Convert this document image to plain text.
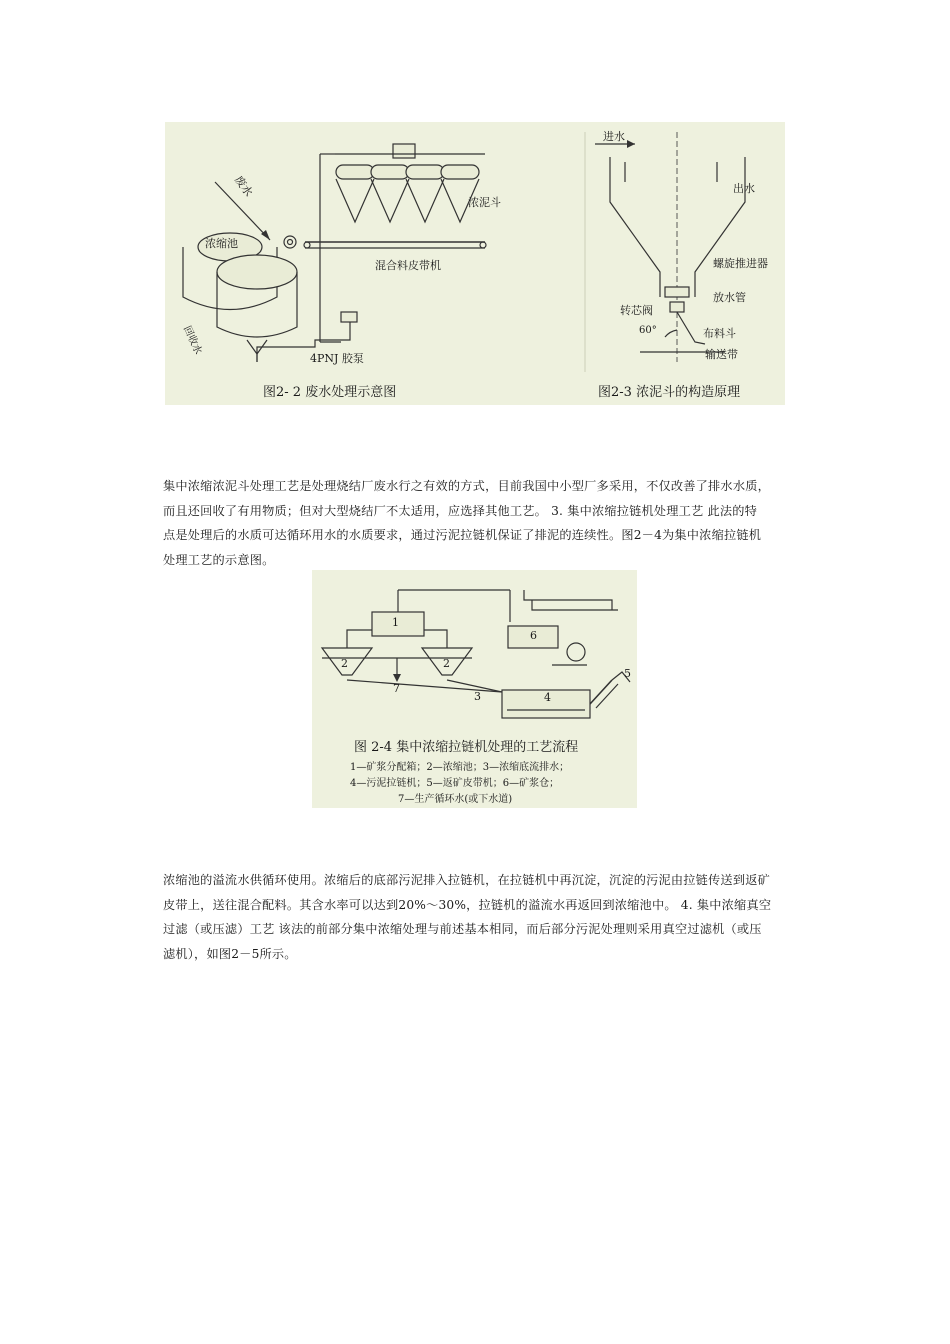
废水
浓缩池
浓泥斗
混合料皮带机
回收水
4PNJ 胶泵
进水
出水
螺旋推进器
放水管
转芯阀
布料斗
输送带
60°
图2- 2 废水处理示意图	图2-3 浓泥斗的构造原理
集中浓缩浓泥斗处理工艺是处理烧结厂废水行之有效的方式，目前我国中小型厂多采用，不仅改善了排水水质，
而且还回收了有用物质；但对大型烧结厂不太适用，应选择其他工艺。 3. 集中浓缩拉链机处理工艺 此法的特
点是处理后的水质可达循环用水的水质要求，通过污泥拉链机保证了排泥的连续性。图2－4为集中浓缩拉链机
处理工艺的示意图。
1
2	2
3	4
5
6
7
图 2-4 集中浓缩拉链机处理的工艺流程
1—矿浆分配箱；2—浓缩池；3—浓缩底流排水；
4—污泥拉链机；5—返矿皮带机；6—矿浆仓；
7—生产循环水(或下水道)
浓缩池的溢流水供循环使用。浓缩后的底部污泥排入拉链机，在拉链机中再沉淀，沉淀的污泥由拉链传送到返矿
皮带上，送往混合配料。其含水率可以达到20%～30%，拉链机的溢流水再返回到浓缩池中。 4. 集中浓缩真空
过滤（或压滤）工艺 该法的前部分集中浓缩处理与前述基本相同，而后部分污泥处理则采用真空过滤机（或压
滤机），如图2－5所示。
